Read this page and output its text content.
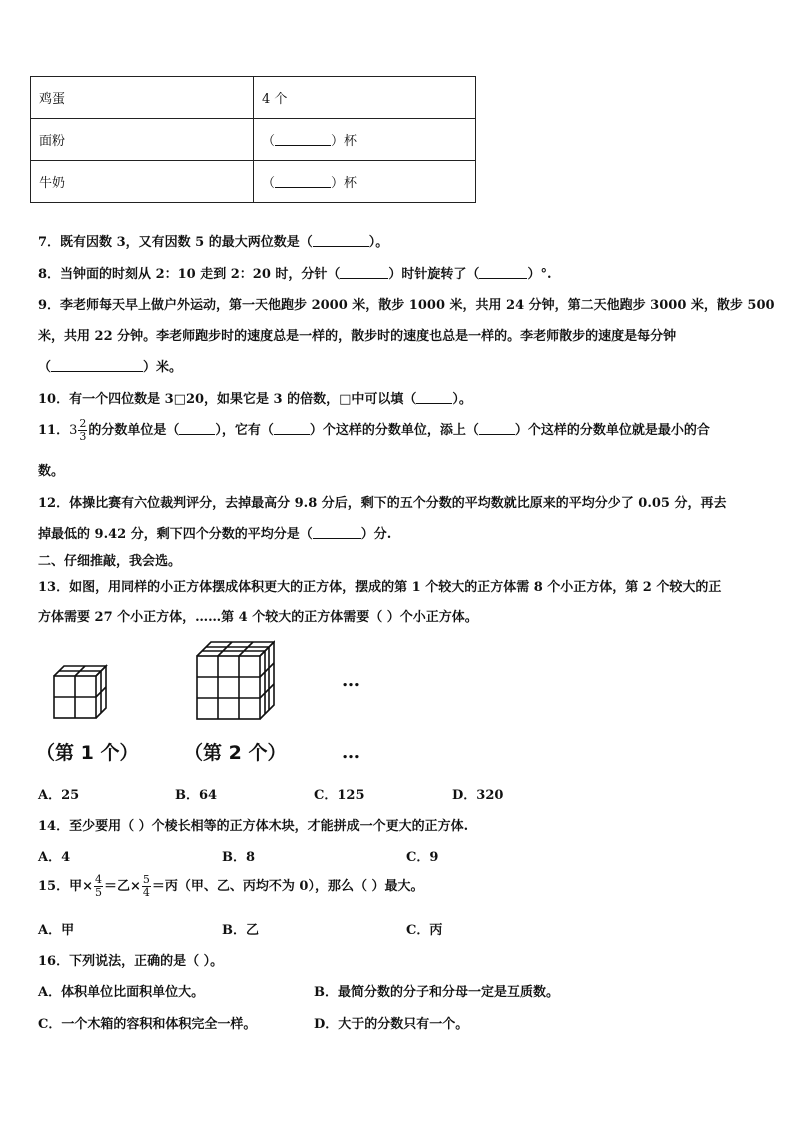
鸡蛋	4 个
面粉	（ ）杯
牛奶	（ ）杯
7．既有因数 3，又有因数 5 的最大两位数是（	）。
8．当钟面的时刻从 2：10 走到 2：20 时，分针（	）时针旋转了（	）°.
9．李老师每天早上做户外运动，第一天他跑步 2000 米，散步 1000 米，共用 24 分钟，第二天他跑步 3000 米，散步 500
米，共用 22 分钟。李老师跑步时的速度总是一样的，散步时的速度也总是一样的。李老师散步的速度是每分钟
（	）米。
10．有一个四位数是 3□20，如果它是 3 的倍数，□中可以填（	）。
11．$3 \frac{2}{3}$ 的分数单位是（	），它有（	）个这样的分数单位，添上（	）个这样的分数单位就是最小的合
数。
12．体操比赛有六位裁判评分，去掉最高分 9.8 分后，剩下的五个分数的平均数就比原来的平均分少了 0.05 分，再去
掉最低的 9.42 分，剩下四个分数的平均分是（	）分.
二、仔细推敲，我会选。
13．如图，用同样的小正方体摆成体积更大的正方体，摆成的第 1 个较大的正方体需 8 个小正方体，第 2 个较大的正
方体需要 27 个小正方体，……第 4 个较大的正方体需要（ ）个小正方体。
…
（第 1 个） （第 2 个）	…
A．25	B．64	C．125	D．320
14．至少要用（ ）个棱长相等的正方体木块，才能拼成一个更大的正方体.
A．4	B．8	C．9
15．甲× $\frac{4}{5}$ ＝乙× $\frac{5}{4}$ ＝丙（甲、乙、丙均不为 0），那么（ ）最大。
A．甲	B．乙	C．丙
16．下列说法，正确的是（ ）。
A．体积单位比面积单位大。	B．最简分数的分子和分母一定是互质数。
C．一个木箱的容积和体积完全一样。	D．大于的分数只有一个。
